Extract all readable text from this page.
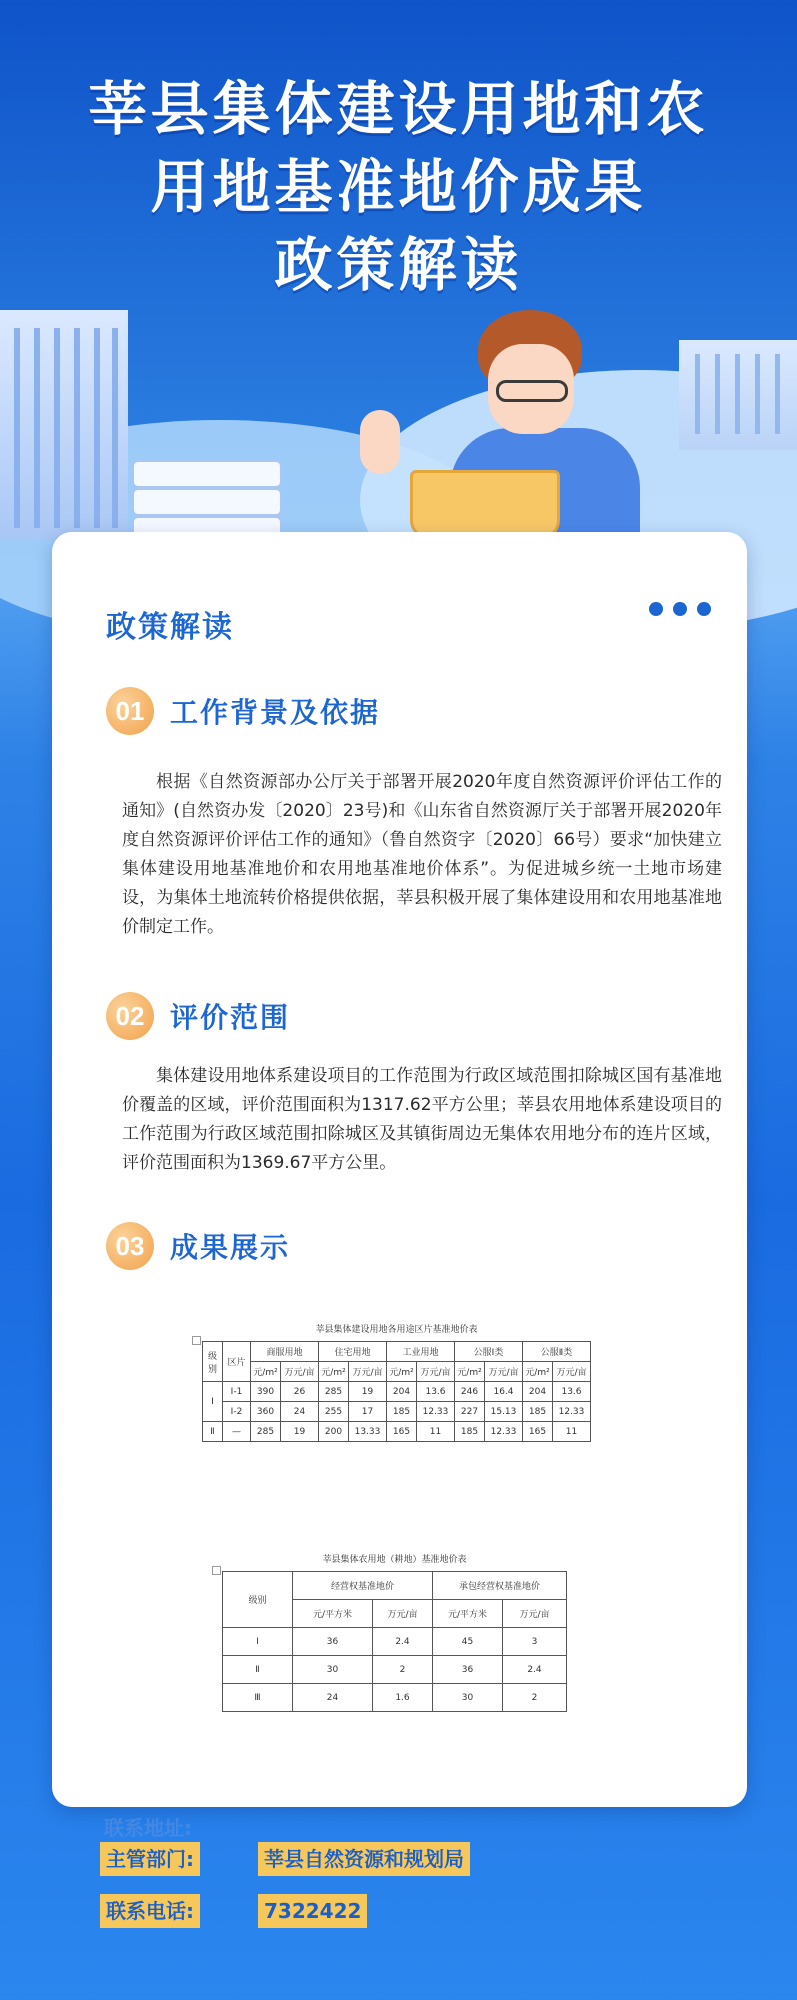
莘县集体建设用地和农
用地基准地价成果
政策解读
政策解读
01 工作背景及依据
根据《自然资源部办公厅关于部署开展2020年度自然资源评价评估工作的通知》(自然资办发〔2020〕23号)和《山东省自然资源厅关于部署开展2020年度自然资源评价评估工作的通知》（鲁自然资字〔2020〕66号）要求“加快建立集体建设用地基准地价和农用地基准地价体系”。为促进城乡统一土地市场建设，为集体土地流转价格提供依据，莘县积极开展了集体建设用和农用地基准地价制定工作。
02 评价范围
集体建设用地体系建设项目的工作范围为行政区域范围扣除城区国有基准地价覆盖的区域，评价范围面积为1317.62平方公里；莘县农用地体系建设项目的工作范围为行政区域范围扣除城区及其镇街周边无集体农用地分布的连片区域，评价范围面积为1369.67平方公里。
03 成果展示
莘县集体建设用地各用途区片基准地价表
级别	区片	商服用地		住宅用地		工业用地		公服Ⅰ类		公服Ⅱ类	
		元/m²	万元/亩	元/m²	万元/亩	元/m²	万元/亩	元/m²	万元/亩	元/m²	万元/亩
Ⅰ	Ⅰ-1	390	26	285	19	204	13.6	246	16.4	204	13.6
	Ⅰ-2	360	24	255	17	185	12.33	227	15.13	185	12.33
Ⅱ	—	285	19	200	13.33	165	11	185	12.33	165	11
莘县集体农用地（耕地）基准地价表
级别	经营权基准地价		承包经营权基准地价	
	元/平方米	万元/亩	元/平方米	万元/亩
Ⅰ	36	2.4	45	3
Ⅱ	30	2	36	2.4
Ⅲ	24	1.6	30	2
联系地址:
主管部门:	莘县自然资源和规划局
联系电话:	7322422
